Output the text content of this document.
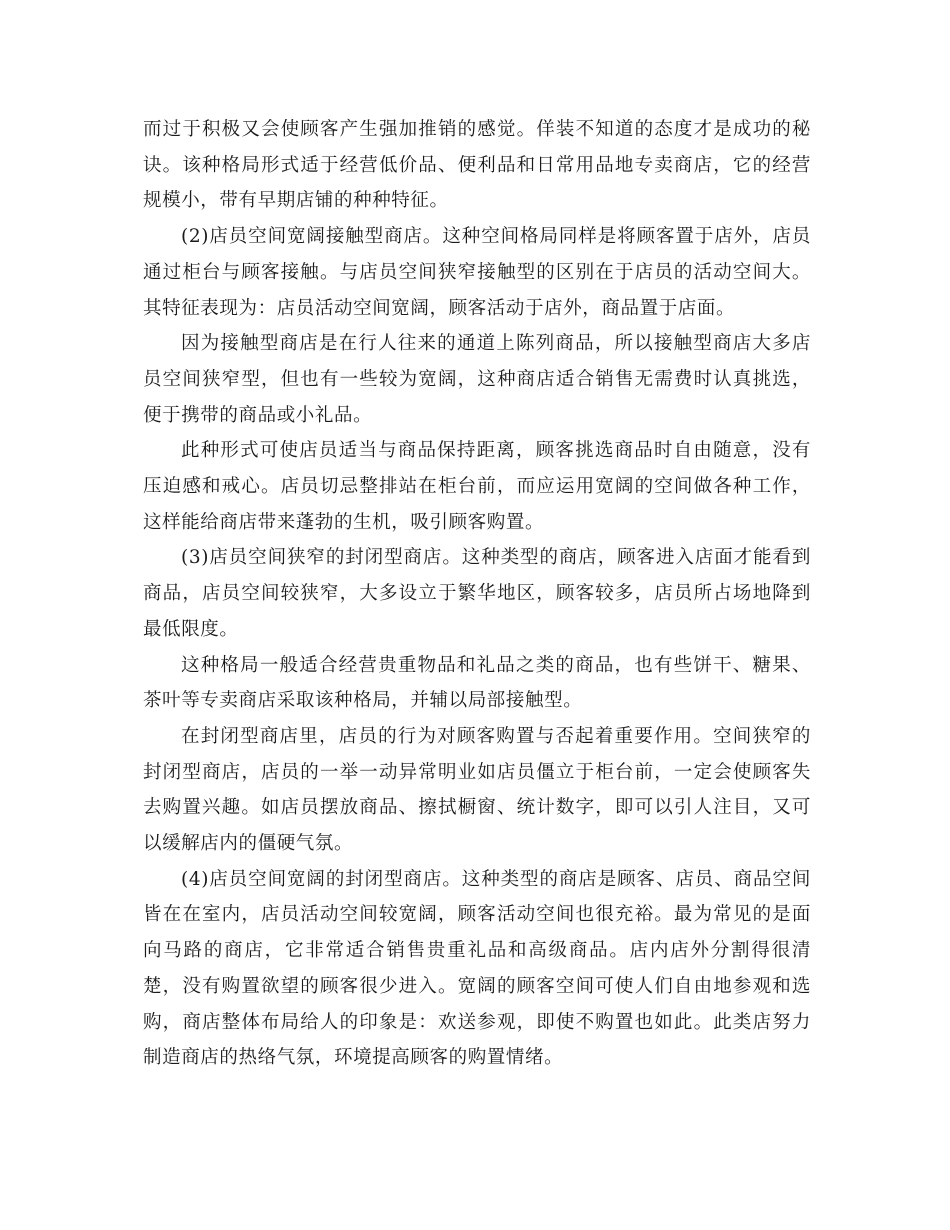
而过于积极又会使顾客产生强加推销的感觉。佯装不知道的态度才是成功的秘诀。该种格局形式适于经营低价品、便利品和日常用品地专卖商店，它的经营规模小，带有早期店铺的种种特征。

(2)店员空间宽阔接触型商店。这种空间格局同样是将顾客置于店外，店员通过柜台与顾客接触。与店员空间狭窄接触型的区别在于店员的活动空间大。其特征表现为：店员活动空间宽阔，顾客活动于店外，商品置于店面。

因为接触型商店是在行人往来的通道上陈列商品，所以接触型商店大多店员空间狭窄型，但也有一些较为宽阔，这种商店适合销售无需费时认真挑选，便于携带的商品或小礼品。

此种形式可使店员适当与商品保持距离，顾客挑选商品时自由随意，没有压迫感和戒心。店员切忌整排站在柜台前，而应运用宽阔的空间做各种工作，这样能给商店带来蓬勃的生机，吸引顾客购置。

(3)店员空间狭窄的封闭型商店。这种类型的商店，顾客进入店面才能看到商品，店员空间较狭窄，大多设立于繁华地区，顾客较多，店员所占场地降到最低限度。

这种格局一般适合经营贵重物品和礼品之类的商品，也有些饼干、糖果、茶叶等专卖商店采取该种格局，并辅以局部接触型。

在封闭型商店里，店员的行为对顾客购置与否起着重要作用。空间狭窄的封闭型商店，店员的一举一动异常明业如店员僵立于柜台前，一定会使顾客失去购置兴趣。如店员摆放商品、擦拭橱窗、统计数字，即可以引人注目，又可以缓解店内的僵硬气氛。

(4)店员空间宽阔的封闭型商店。这种类型的商店是顾客、店员、商品空间皆在在室内，店员活动空间较宽阔，顾客活动空间也很充裕。最为常见的是面向马路的商店，它非常适合销售贵重礼品和高级商品。店内店外分割得很清楚，没有购置欲望的顾客很少进入。宽阔的顾客空间可使人们自由地参观和选购，商店整体布局给人的印象是：欢送参观，即使不购置也如此。此类店努力制造商店的热络气氛，环境提高顾客的购置情绪。
